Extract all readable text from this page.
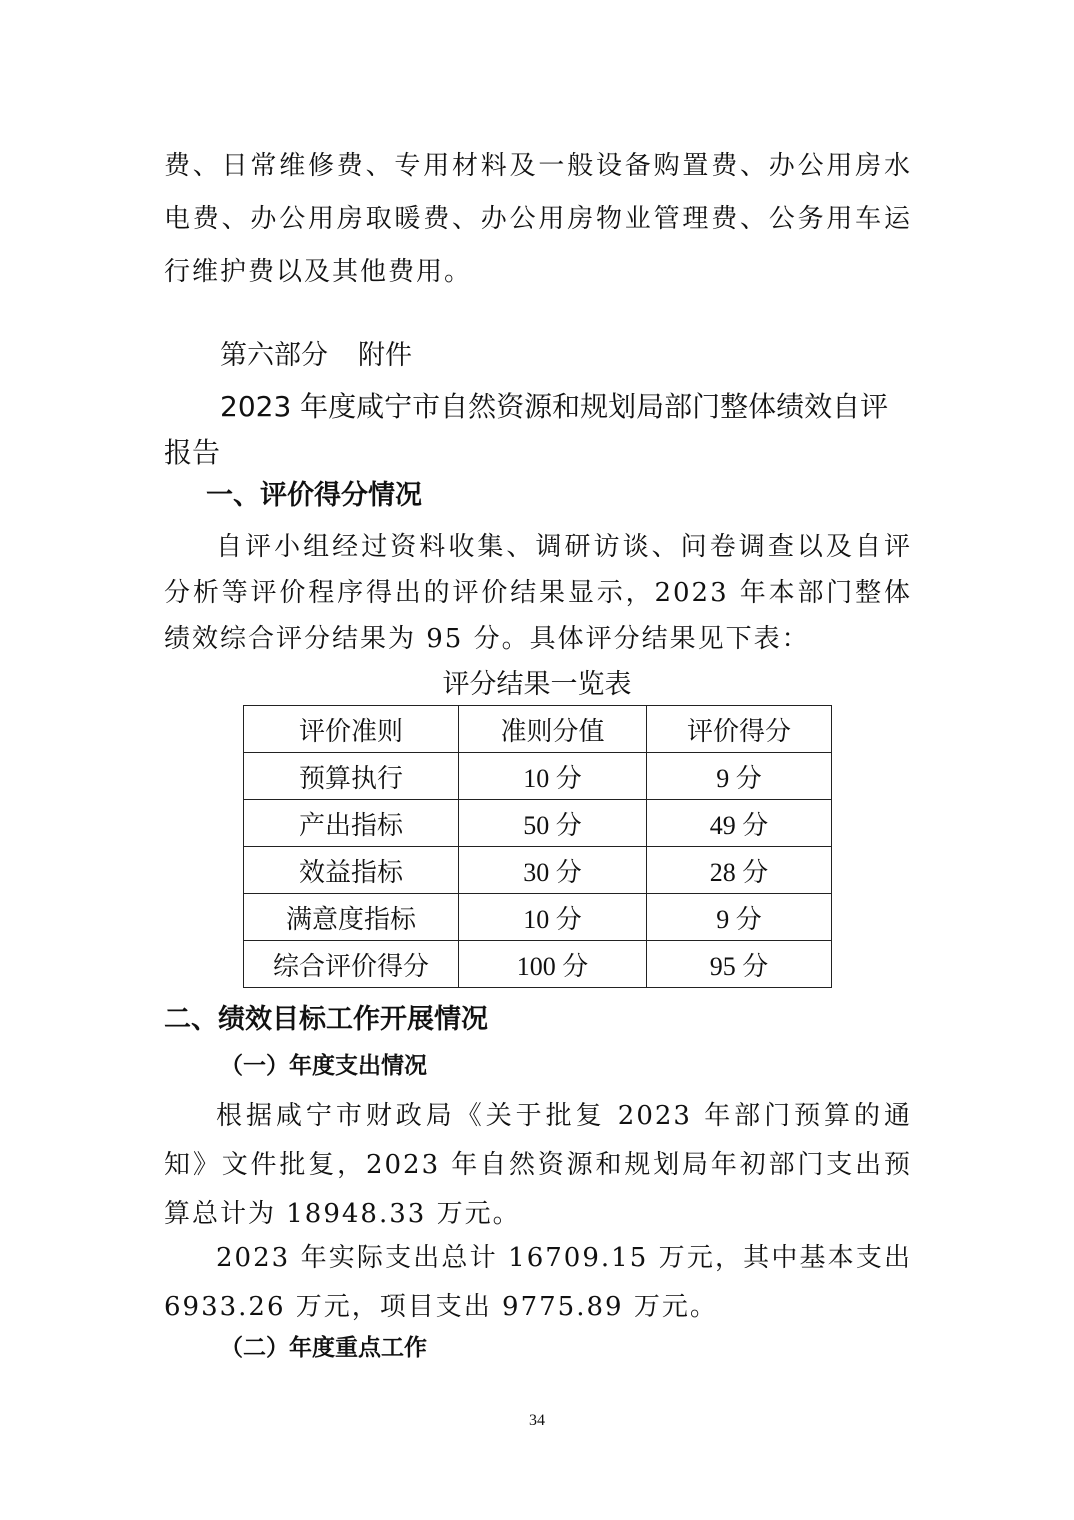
费、日常维修费、专用材料及一般设备购置费、办公用房水电费、办公用房取暖费、办公用房物业管理费、公务用车运行维护费以及其他费用。

第六部分 附件

2023 年度咸宁市自然资源和规划局部门整体绩效自评报告

一、评价得分情况

自评小组经过资料收集、调研访谈、问卷调查以及自评分析等评价程序得出的评价结果显示，2023 年本部门整体绩效综合评分结果为 95 分。具体评分结果见下表：

评分结果一览表

评价准则	准则分值	评价得分
预算执行	10 分	9 分
产出指标	50 分	49 分
效益指标	30 分	28 分
满意度指标	10 分	9 分
综合评价得分	100 分	95 分
二、绩效目标工作开展情况
（一）年度支出情况

根据咸宁市财政局《关于批复 2023 年部门预算的通知》文件批复，2023 年自然资源和规划局年初部门支出预算总计为 18948.33 万元。

2023 年实际支出总计 16709.15 万元，其中基本支出 6933.26 万元，项目支出 9775.89 万元。

（二）年度重点工作

34
